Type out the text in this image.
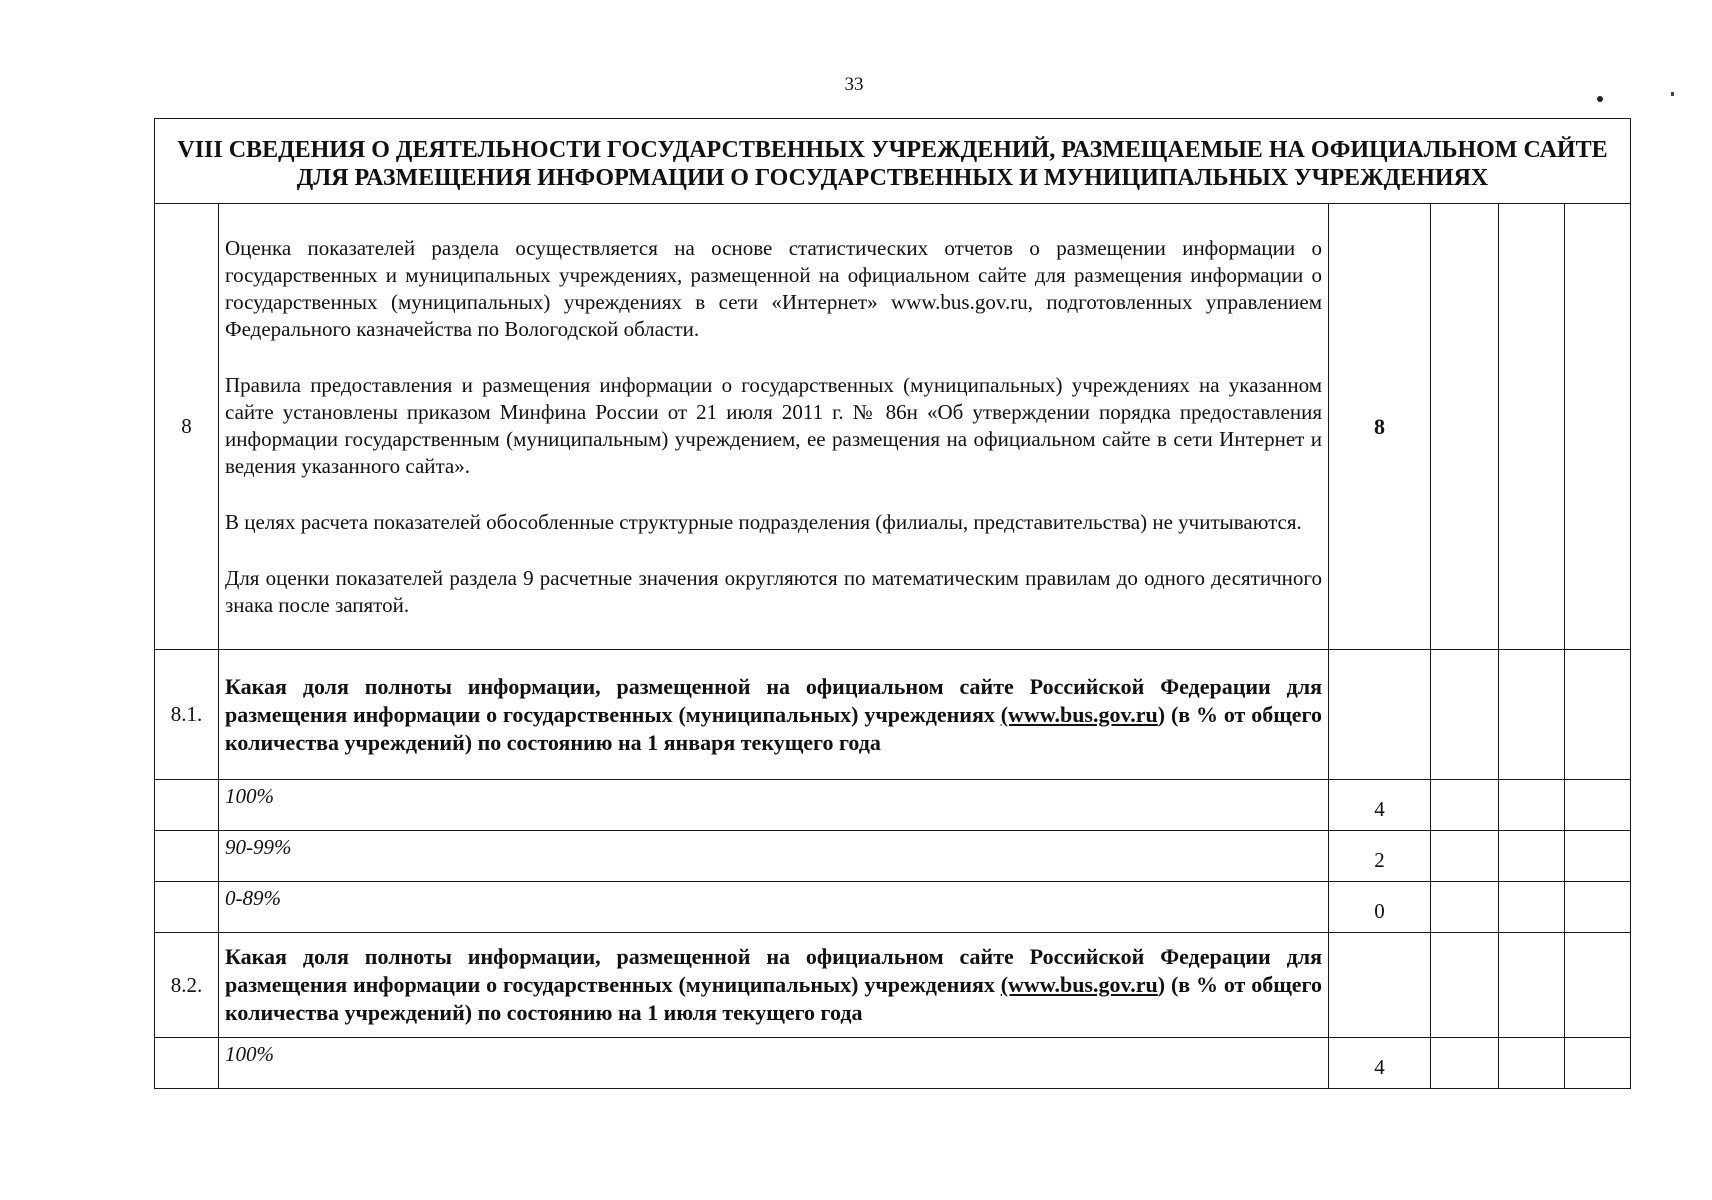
33
VIII СВЕДЕНИЯ О ДЕЯТЕЛЬНОСТИ ГОСУДАРСТВЕННЫХ УЧРЕЖДЕНИЙ, РАЗМЕЩАЕМЫЕ НА ОФИЦИАЛЬНОМ САЙТЕ ДЛЯ РАЗМЕЩЕНИЯ ИНФОРМАЦИИ О ГОСУДАРСТВЕННЫХ И МУНИЦИПАЛЬНЫХ УЧРЕЖДЕНИЯХ					
8	Оценка показателей раздела осуществляется на основе статистических отчетов о размещении информации о государственных и муниципальных учреждениях, размещенной на официальном сайте для размещения информации о государственных (муниципальных) учреждениях в сети «Интернет» www.bus.gov.ru, подготовленных управлением Федерального казначейства по Вологодской области.

Правила предоставления и размещения информации о государственных (муниципальных) учреждениях на указанном сайте установлены приказом Минфина России от 21 июля 2011 г. № 86н «Об утверждении порядка предоставления информации государственным (муниципальным) учреждением, ее размещения на официальном сайте в сети Интернет и ведения указанного сайта».

В целях расчета показателей обособленные структурные подразделения (филиалы, представительства) не учитываются.

Для оценки показателей раздела 9 расчетные значения округляются по математическим правилам до одного десятичного знака после запятой.	8			
8.1.	Какая доля полноты информации, размещенной на официальном сайте Российской Федерации для размещения информации о государственных (муниципальных) учреждениях (www.bus.gov.ru) (в % от общего количества учреждений) по состоянию на 1 января текущего года				
	100%	4			
	90-99%	2			
	0-89%	0			
8.2.	Какая доля полноты информации, размещенной на официальном сайте Российской Федерации для размещения информации о государственных (муниципальных) учреждениях (www.bus.gov.ru) (в % от общего количества учреждений) по состоянию на 1 июля текущего года				
	100%	4			
